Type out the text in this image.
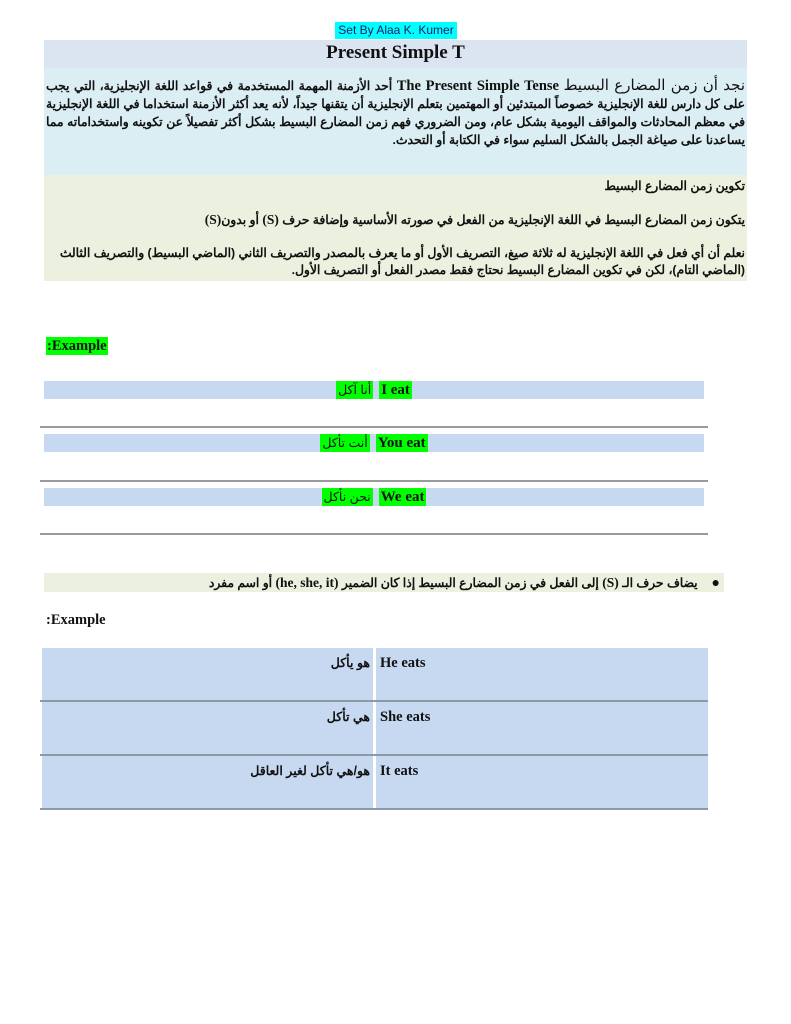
Set By Alaa K. Kumer
Present Simple T
نجد أن زمن المضارع البسيط The Present Simple Tense أحد الأزمنة المهمة المستخدمة في قواعد اللغة الإنجليزية، التي يجب على كل دارس للغة الإنجليزية خصوصاً المبتدئين أو المهتمين بتعلم الإنجليزية أن يتقنها جيداً، لأنه يعد أكثر الأزمنة استخداما في اللغة الإنجليزية في معظم المحادثات والمواقف اليومية بشكل عام، ومن الضروري فهم زمن المضارع البسيط بشكل أكثر تفصيلاً عن تكوينه واستخداماته مما يساعدنا على صياغة الجمل بالشكل السليم سواء في الكتابة أو التحدث.

تكوين زمن المضارع البسيط

يتكون زمن المضارع البسيط في اللغة الإنجليزية من الفعل في صورته الأساسية وإضافة حرف (S) أو بدون(S)

نعلم أن أي فعل في اللغة الإنجليزية له ثلاثة صيغ، التصريف الأول أو ما يعرف بالمصدر والتصريف الثاني (الماضي البسيط) والتصريف الثالث (الماضي التام)، لكن في تكوين المضارع البسيط نحتاج فقط مصدر الفعل أو التصريف الأول.

:Example
أنا آكل I eat
أنت تأكل You eat
نحن نأكل We eat
●يضاف حرف الـ (S) إلى الفعل في زمن المضارع البسيط إذا كان الضمير (he, she, it) أو اسم مفرد
:Example
He eats
هو يأكل
She eats
هي تأكل
It eats
هو/هي تأكل لغير العاقل
